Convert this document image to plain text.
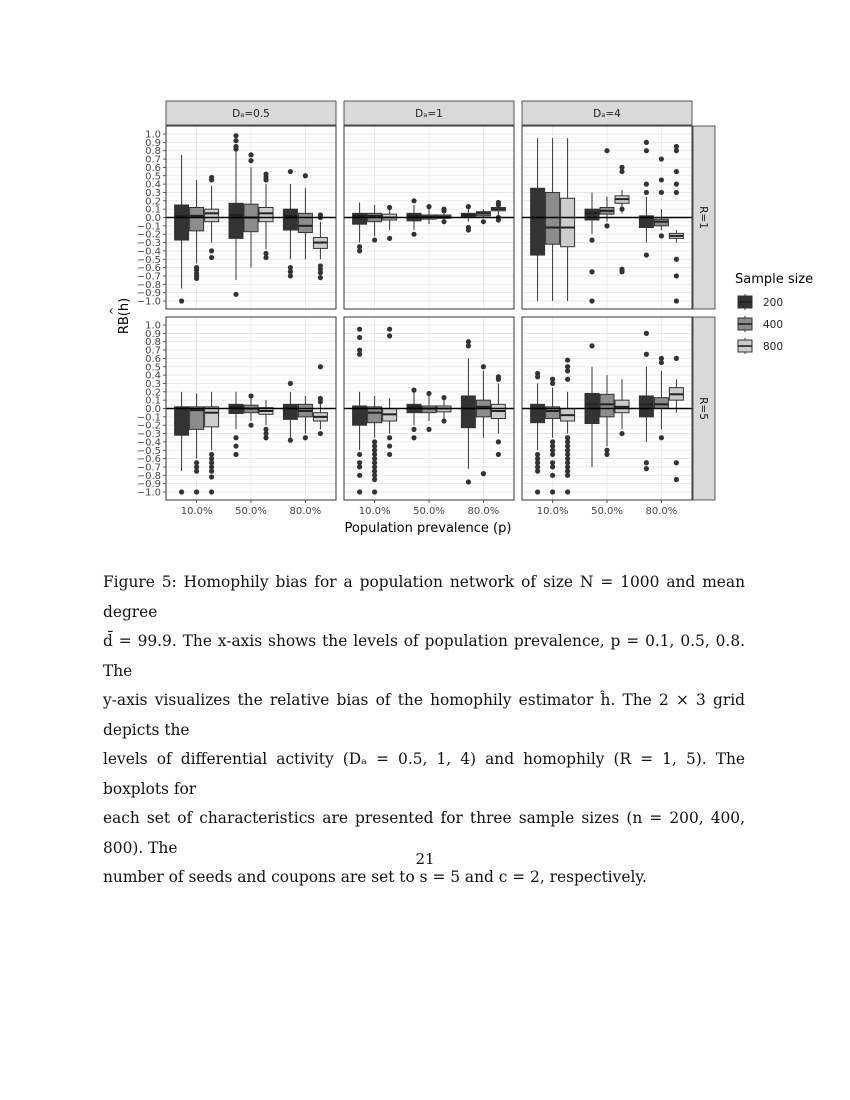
Dₐ=0.5	Dₐ=1	Dₐ=4
R=1
R=5
1.0
0.9
0.8
0.7
0.6
0.5
0.4
0.3
0.2
0.1
0.0
−0.1
−0.2
−0.3
−0.4
−0.5
−0.6
−0.7
−0.8
−0.9
−1.0
1.0
0.9
0.8
0.7
0.6
0.5
0.4
0.3
0.2
0.1
0.0
−0.1
−0.2
−0.3
−0.4
−0.5
−0.6
−0.7
−0.8
−0.9
−1.0
10.0% 50.0% 80.0%	10.0% 50.0% 80.0%	10.0% 50.0% 80.0%
Population prevalence (p)
RB(h)
^
Sample size
200
400
800
Figure 5: Homophily bias for a population network of size N = 1000 and mean degree
d̄ = 99.9. The x-axis shows the levels of population prevalence, p = 0.1, 0.5, 0.8. The
y-axis visualizes the relative bias of the homophily estimator ĥ. The 2 × 3 grid depicts the
levels of differential activity (Dₐ = 0.5, 1, 4) and homophily (R = 1, 5). The boxplots for
each set of characteristics are presented for three sample sizes (n = 200, 400, 800). The
number of seeds and coupons are set to s = 5 and c = 2, respectively.
21
